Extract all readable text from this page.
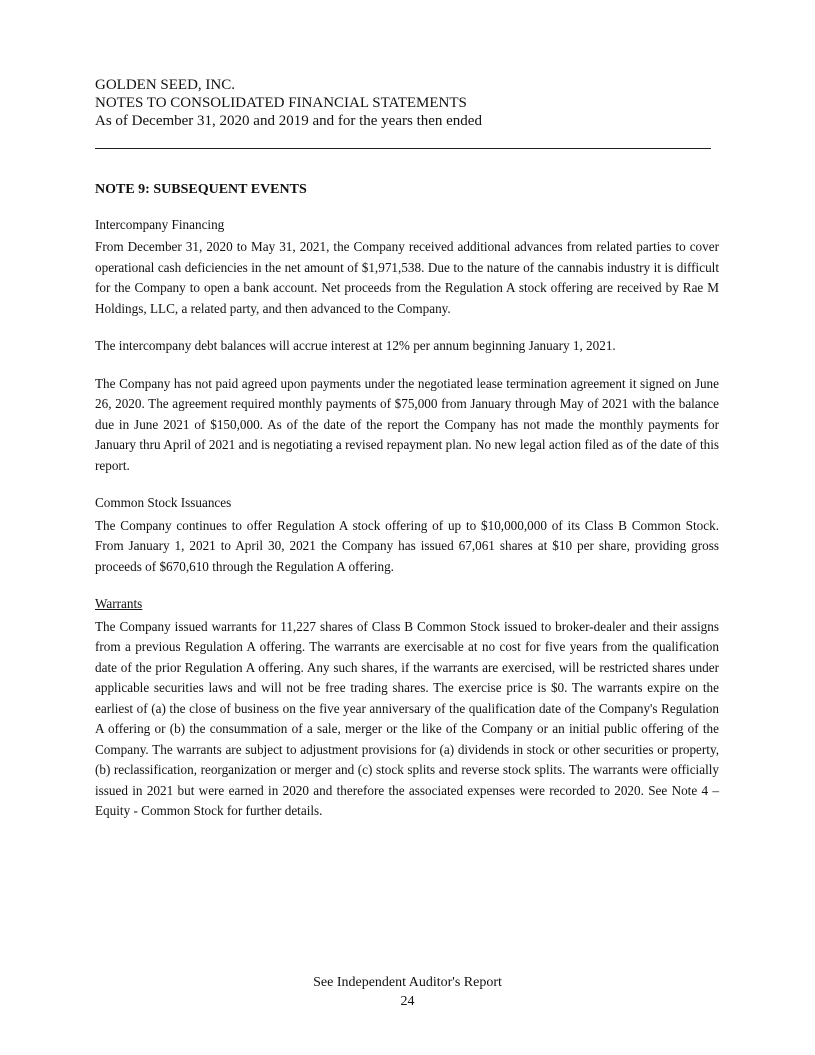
GOLDEN SEED, INC.
NOTES TO CONSOLIDATED FINANCIAL STATEMENTS
As of December 31, 2020 and 2019 and for the years then ended
NOTE 9: SUBSEQUENT EVENTS
Intercompany Financing

From December 31, 2020 to May 31, 2021, the Company received additional advances from related parties to cover operational cash deficiencies in the net amount of $1,971,538. Due to the nature of the cannabis industry it is difficult for the Company to open a bank account. Net proceeds from the Regulation A stock offering are received by Rae M Holdings, LLC, a related party, and then advanced to the Company.

The intercompany debt balances will accrue interest at 12% per annum beginning January 1, 2021.

The Company has not paid agreed upon payments under the negotiated lease termination agreement it signed on June 26, 2020. The agreement required monthly payments of $75,000 from January through May of 2021 with the balance due in June 2021 of $150,000. As of the date of the report the Company has not made the monthly payments for January thru April of 2021 and is negotiating a revised repayment plan. No new legal action filed as of the date of this report.

Common Stock Issuances

The Company continues to offer Regulation A stock offering of up to $10,000,000 of its Class B Common Stock. From January 1, 2021 to April 30, 2021 the Company has issued 67,061 shares at $10 per share, providing gross proceeds of $670,610 through the Regulation A offering.

Warrants

The Company issued warrants for 11,227 shares of Class B Common Stock issued to broker-dealer and their assigns from a previous Regulation A offering. The warrants are exercisable at no cost for five years from the qualification date of the prior Regulation A offering. Any such shares, if the warrants are exercised, will be restricted shares under applicable securities laws and will not be free trading shares. The exercise price is $0. The warrants expire on the earliest of (a) the close of business on the five year anniversary of the qualification date of the Company's Regulation A offering or (b) the consummation of a sale, merger or the like of the Company or an initial public offering of the Company. The warrants are subject to adjustment provisions for (a) dividends in stock or other securities or property, (b) reclassification, reorganization or merger and (c) stock splits and reverse stock splits. The warrants were officially issued in 2021 but were earned in 2020 and therefore the associated expenses were recorded to 2020. See Note 4 – Equity - Common Stock for further details.

See Independent Auditor's Report
24
